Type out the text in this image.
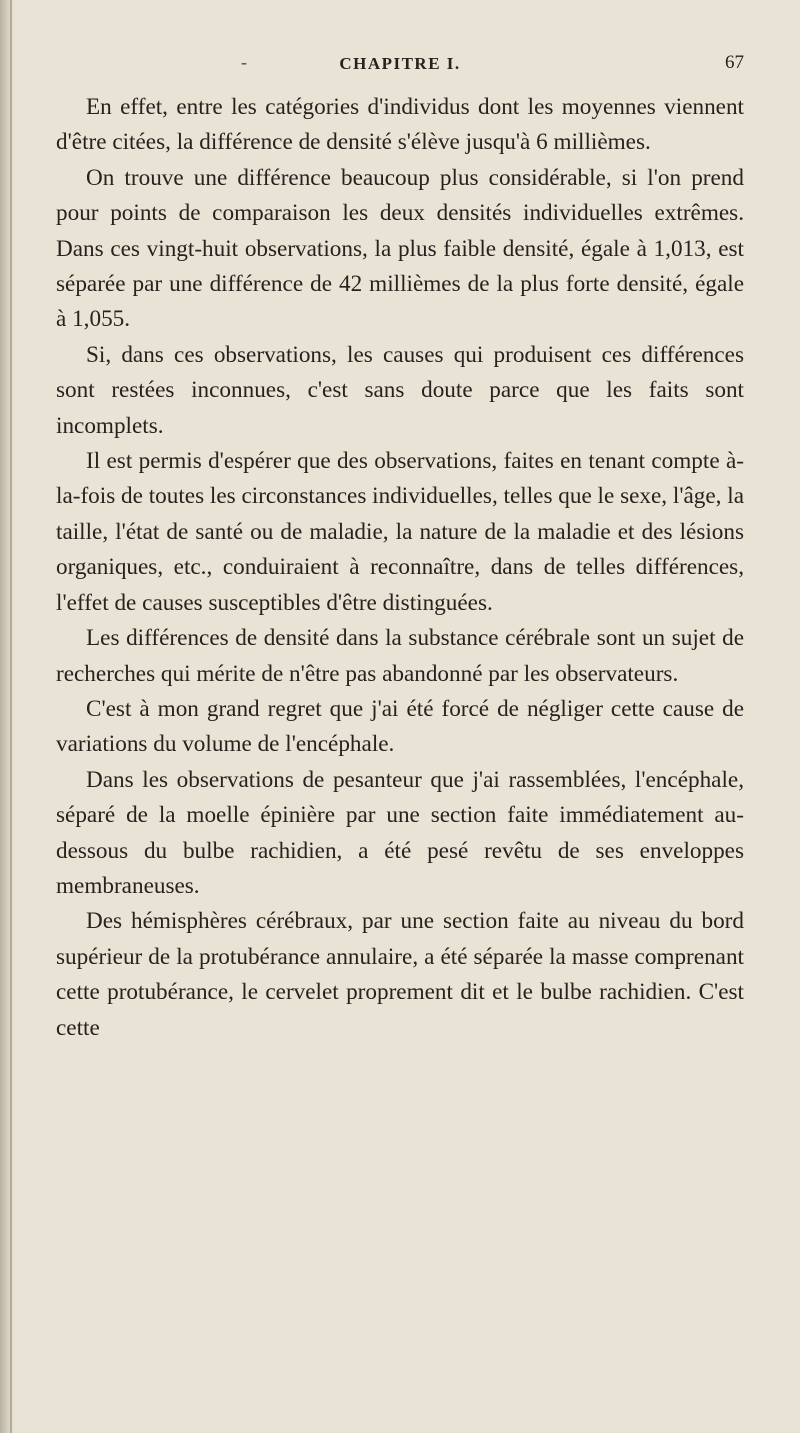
-	CHAPITRE I.	67

En effet, entre les catégories d'individus dont les moyennes viennent d'être citées, la différence de densité s'élève jusqu'à 6 millièmes.

On trouve une différence beaucoup plus considérable, si l'on prend pour points de comparaison les deux densités individuelles extrêmes. Dans ces vingt-huit observations, la plus faible densité, égale à 1,013, est séparée par une différence de 42 millièmes de la plus forte densité, égale à 1,055.

Si, dans ces observations, les causes qui produisent ces différences sont restées inconnues, c'est sans doute parce que les faits sont incomplets.

Il est permis d'espérer que des observations, faites en tenant compte à-la-fois de toutes les circonstances individuelles, telles que le sexe, l'âge, la taille, l'état de santé ou de maladie, la nature de la maladie et des lésions organiques, etc., conduiraient à reconnaître, dans de telles différences, l'effet de causes susceptibles d'être distinguées.

Les différences de densité dans la substance cérébrale sont un sujet de recherches qui mérite de n'être pas abandonné par les observateurs.

C'est à mon grand regret que j'ai été forcé de négliger cette cause de variations du volume de l'encéphale.

Dans les observations de pesanteur que j'ai rassemblées, l'encéphale, séparé de la moelle épinière par une section faite immédiatement au-dessous du bulbe rachidien, a été pesé revêtu de ses enveloppes membraneuses.

Des hémisphères cérébraux, par une section faite au niveau du bord supérieur de la protubérance annulaire, a été séparée la masse comprenant cette protubérance, le cervelet proprement dit et le bulbe rachidien. C'est cette
